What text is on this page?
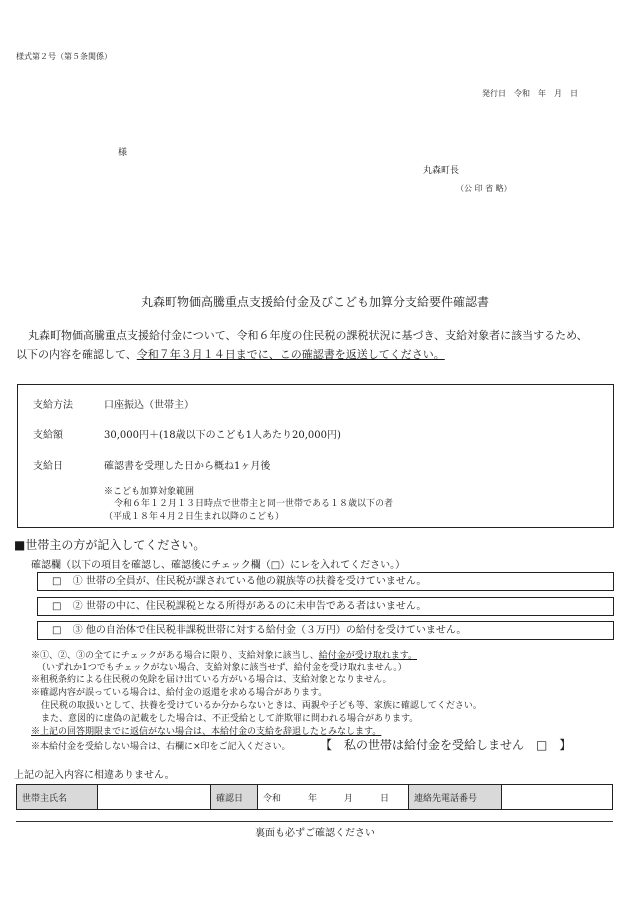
様式第２号（第５条関係）
発行日　令和　年　月　日
様
丸森町長
（公 印 省 略）
丸森町物価高騰重点支援給付金及びこども加算分支給要件確認書
丸森町物価高騰重点支援給付金について、令和６年度の住民税の課税状況に基づき、支給対象者に該当するため、
以下の内容を確認して、令和７年３月１４日までに、この確認書を返送してください。
支給方法	口座振込（世帯主）
支給額	30,000円＋(18歳以下のこども1人あたり20,000円)
支給日	確認書を受理した日から概ね1ヶ月後
※こども加算対象範囲
令和６年１２月１３日時点で世帯主と同一世帯である１８歳以下の者
（平成１８年４月２日生まれ以降のこども）
■世帯主の方が記入してください。
確認欄（以下の項目を確認し、確認後にチェック欄（□）にレを入れてください。）
□ ① 世帯の全員が、住民税が課されている他の親族等の扶養を受けていません。
□ ② 世帯の中に、住民税課税となる所得があるのに未申告である者はいません。
□ ③ 他の自治体で住民税非課税世帯に対する給付金（３万円）の給付を受けていません。
※①、②、③の全てにチェックがある場合に限り、支給対象に該当し、給付金が受け取れます。
（いずれか1つでもチェックがない場合、支給対象に該当せず、給付金を受け取れません。）
※租税条約による住民税の免除を届け出ている方がいる場合は、支給対象となりません。
※確認内容が誤っている場合は、給付金の返還を求める場合があります。
住民税の取扱いとして、扶養を受けているか分からないときは、両親や子ども等、家族に確認してください。
また、意図的に虚偽の記載をした場合は、不正受給として詐欺罪に問われる場合があります。
※上記の回答期限までに返信がない場合は、本給付金の支給を辞退したとみなします。
※本給付金を受給しない場合は、右欄に×印をご記入ください。 【　私の世帯は給付金を受給しません　□　】
上記の記入内容に相違ありません。
世帯主氏名		確認日	令和　　　年　　　月　　　日	連絡先電話番号	
裏面も必ずご確認ください
